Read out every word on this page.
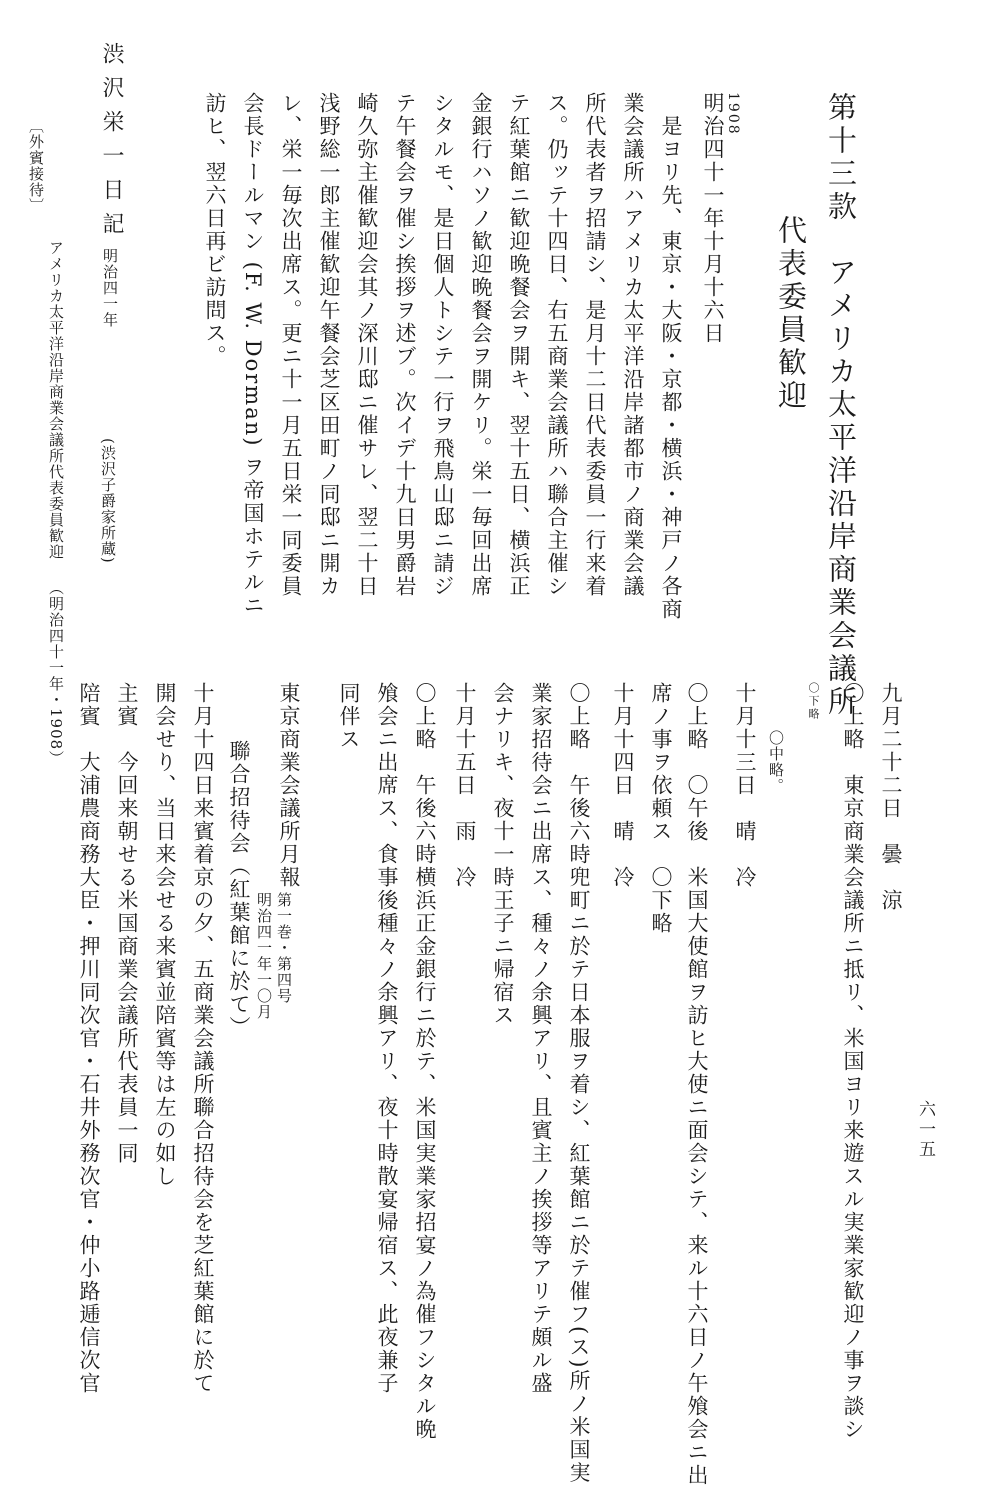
第十三款　アメリカ太平洋沿岸商業会議所
代表委員歓迎
1908
明治四十一年十月十六日
是ヨリ先、東京・大阪・京都・横浜・神戸ノ各商
業会議所ハアメリカ太平洋沿岸諸都市ノ商業会議
所代表者ヲ招請シ、是月十二日代表委員一行来着
ス。仍ッテ十四日、右五商業会議所ハ聯合主催シ
テ紅葉館ニ歓迎晩餐会ヲ開キ、翌十五日、横浜正
金銀行ハソノ歓迎晩餐会ヲ開ケリ。栄一毎回出席
シタルモ、是日個人トシテ一行ヲ飛鳥山邸ニ請ジ
テ午餐会ヲ催シ挨拶ヲ述ブ。次イデ十九日男爵岩
崎久弥主催歓迎会其ノ深川邸ニ催サレ、翌二十日
浅野総一郎主催歓迎午餐会芝区田町ノ同邸ニ開カ
レ、栄一毎次出席ス。更ニ十一月五日栄一同委員
会長ドールマン (F. W. Dorman) ヲ帝国ホテルニ
訪ヒ、翌六日再ビ訪問ス。
渋沢栄一日記
明治四一年
(渋沢子爵家所蔵)
〔外賓接待〕
アメリカ太平洋沿岸商業会議所代表委員歓迎
（明治四十一年・1908）
九月二十二日　曇　涼
〇上略　東京商業会議所ニ抵リ、米国ヨリ来遊スル実業家歓迎ノ事ヲ談シ
〇下略
〇中略。
十月十三日　晴　冷
〇上略　〇午後　米国大使館ヲ訪ヒ大使ニ面会シテ、来ル十六日ノ午飧会ニ出
席ノ事ヲ依頼ス　〇下略
十月十四日　晴　冷
〇上略　午後六時兜町ニ於テ日本服ヲ着シ、紅葉館ニ於テ催フ(ス)所ノ米国実
業家招待会ニ出席ス、種々ノ余興アリ、且賓主ノ挨拶等アリテ頗ル盛
会ナリキ、夜十一時王子ニ帰宿ス
十月十五日　雨　冷
〇上略　午後六時横浜正金銀行ニ於テ、米国実業家招宴ノ為催フシタル晩
飧会ニ出席ス、食事後種々ノ余興アリ、夜十時散宴帰宿ス、此夜兼子
同伴ス
東京商業会議所月報
第一巻・第四号
明治四一年一〇月
聯合招待会（紅葉館に於て）
十月十四日来賓着京の夕、五商業会議所聯合招待会を芝紅葉館に於て
開会せり、当日来会せる来賓並陪賓等は左の如し
主賓　今回来朝せる米国商業会議所代表員一同
陪賓　大浦農商務大臣・押川同次官・石井外務次官・仲小路逓信次官	六一五
